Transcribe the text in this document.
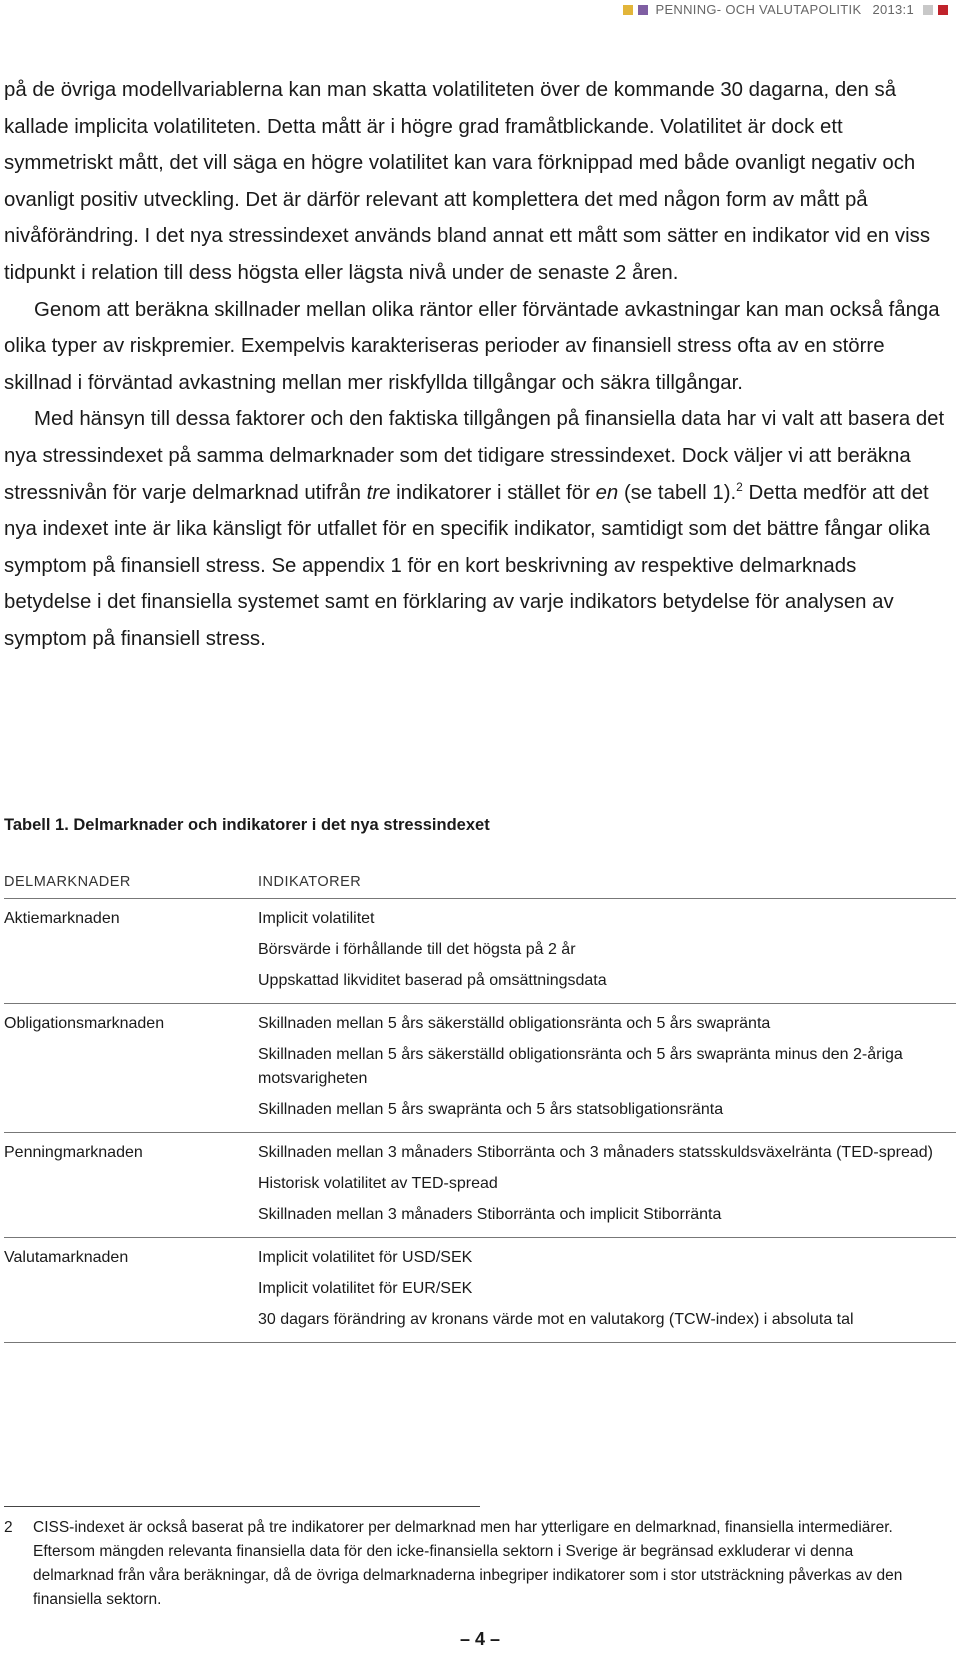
PENNING- OCH VALUTAPOLITIK 2013:1

på de övriga modellvariablerna kan man skatta volatiliteten över de kommande 30 dagarna, den så kallade implicita volatiliteten. Detta mått är i högre grad framåtblickande. Volatilitet är dock ett symmetriskt mått, det vill säga en högre volatilitet kan vara förknippad med både ovanligt negativ och ovanligt positiv utveckling. Det är därför relevant att komplettera det med någon form av mått på nivåförändring. I det nya stressindexet används bland annat ett mått som sätter en indikator vid en viss tidpunkt i relation till dess högsta eller lägsta nivå under de senaste 2 åren.

Genom att beräkna skillnader mellan olika räntor eller förväntade avkastningar kan man också fånga olika typer av riskpremier. Exempelvis karakteriseras perioder av finansiell stress ofta av en större skillnad i förväntad avkastning mellan mer riskfyllda tillgångar och säkra tillgångar.

Med hänsyn till dessa faktorer och den faktiska tillgången på finansiella data har vi valt att basera det nya stressindexet på samma delmarknader som det tidigare stressindexet. Dock väljer vi att beräkna stressnivån för varje delmarknad utifrån tre indikatorer i stället för en (se tabell 1).$^2$ Detta medför att det nya indexet inte är lika känsligt för utfallet för en specifik indikator, samtidigt som det bättre fångar olika symptom på finansiell stress. Se appendix 1 för en kort beskrivning av respektive delmarknads betydelse i det finansiella systemet samt en förklaring av varje indikators betydelse för analysen av symptom på finansiell stress.

Tabell 1. Delmarknader och indikatorer i det nya stressindexet
DELMARKNADER	INDIKATORER
Aktiemarknaden	Implicit volatilitet
Börsvärde i förhållande till det högsta på 2 år
Uppskattad likviditet baserad på omsättningsdata
Obligationsmarknaden	Skillnaden mellan 5 års säkerställd obligationsränta och 5 års swapränta
Skillnaden mellan 5 års säkerställd obligationsränta och 5 års swapränta minus den 2-åriga motsvarigheten
Skillnaden mellan 5 års swapränta och 5 års statsobligationsränta
Penningmarknaden	Skillnaden mellan 3 månaders Stiborränta och 3 månaders statsskuldsväxelränta (TED-spread)
Historisk volatilitet av TED-spread
Skillnaden mellan 3 månaders Stiborränta och implicit Stiborränta
Valutamarknaden	Implicit volatilitet för USD/SEK
Implicit volatilitet för EUR/SEK
30 dagars förändring av kronans värde mot en valutakorg (TCW-index) i absoluta tal
2	CISS-indexet är också baserat på tre indikatorer per delmarknad men har ytterligare en delmarknad, finansiella intermediärer. Eftersom mängden relevanta finansiella data för den icke-finansiella sektorn i Sverige är begränsad exkluderar vi denna delmarknad från våra beräkningar, då de övriga delmarknaderna inbegriper indikatorer som i stor utsträckning påverkas av den finansiella sektorn.
– 4 –
